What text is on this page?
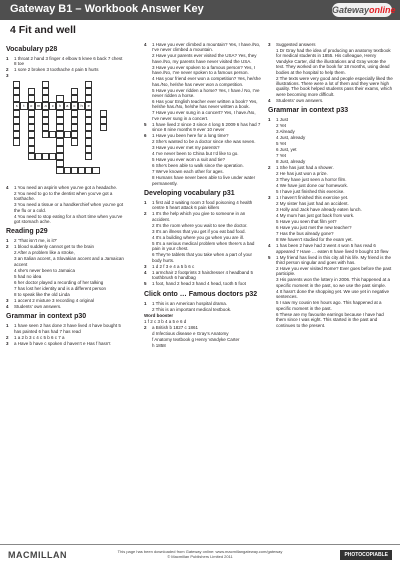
Gateway B1 – Workbook Answer Key	Gatewayonline
4 Fit and well
Vocabulary p28
1	1 throat 2 hand 3 finger 4 elbow 5 knee 6 back 7 chest 8 toe
2	1 sore 2 broken 3 toothache 4 pain 5 hurts
3
s	t	o	m	a	c	h	a	c	h	e
4	1 You need an aspirin when you’ve got a headache.
2 You need to go to the dentist when you’ve got a toothache.
3 You need a tissue or a handkerchief when you’ve got the flu or a cold.
4 You need to stop eating for a short time when you’ve got stomach ache.
Reading p29
1	2 ‘That isn’t me, is it?’
2	1 blood suddenly cannot get to the brain
2 After a problem like a stroke,
3 an Italian accent, a Slovakian accent and a Jamaican accent
4 she’s never been to Jamaica
5 had no idea
6 her doctor played a recording of her talking
7 has lost her identity and is a different person
8 to speak like the old Linda
3	1 accent 2 mixture 3 recording 4 original
4	Students’ own answers.
Grammar in context p30
1	1 have seen 2 has done 3 have lived 4 have bought 5 has painted 6 has had 7 has read
2	1 a 2 b 3 c 4 c 5 b 6 c 7 a
3	a Have b have c spoken d haven’t e Has f hasn’t
4	1 Have you ever climbed a mountain? Yes, I have./No, I’ve never climbed a mountain.
2 Have your parents ever visited the USA? Yes, they have./No, my parents have never visited the USA.
3 Have you ever spoken to a famous person? Yes, I have./No, I’ve never spoken to a famous person.
4 Has your friend ever won a competition? Yes, he/she has./No, he/she has never won a competition.
5 Have you ever ridden a horse? Yes, I have./ No, I’ve never ridden a horse.
6 Has your English teacher ever written a book? Yes, he/she has./No, he/she has never written a book.
7 Have you ever sung in a concert? Yes, I have./No, I’ve never sung in a concert.
5	1 have lived 2 since 3 since 4 long 5 2009 6 has had 7 since 8 nine months 9 ever 10 never
6	1 Have you been here for a long time?
2 She’s wanted to be a doctor since she was seven.
3 Have you ever met my parents?
4 I’ve never been to China but I’d like to go.
5 Have you ever worn a suit and tie?
6 She’s been able to walk since the operation.
7 We’ve known each other for ages.
8 Humans have never been able to live under water permanently.
Developing vocabulary p31
1	1 first aid 2 waiting room 3 food poisoning 4 health centre 5 heart attack 6 pain killers
2	1 It’s the help which you give to someone in an accident.
2 It’s the room where you wait to see the doctor.
3 It’s an illness that you get if you eat bad food.
4 It’s a building where you go when you are ill.
5 It’s a serious medical problem when there’s a bad pain in your chest.
6 They’re tablets that you take when a part of your body hurts.
3	1 d 2 f 3 e 4 a 5 b 6 c
4	1 armchair 2 footprints 3 hairdresser 4 headband 5 toothbrush 6 handbag
5	1 foot, hand 2 head 3 hand 4 head, tooth 5 foot
Click onto … Famous doctors p32
1	1 This is an American hospital drama.
2 This is an important medical textbook.
Word booster
1 f 2 c 3 b 4 a 5 e 6 d
2	a British b 1827 c 1861
d Infectious disease e Gray’s Anatomy
f Anatomy textbook g Henry Vandyke Carter
h 1858
3	Suggested answers
1 Dr Gray had the idea of producing an anatomy textbook for medical students in 1855. His colleague, Henry Vandyke Carter, did the illustrations and Gray wrote the text. They worked on the book for 18 months, using dead bodies at the hospital to help them.
2 The texts were very good and people especially liked the illustrations. There were a lot of them and they were high quality. The book helped students pass their exams, which were becoming more difficult.
4	Students’ own answers.
Grammar in context p33
1	1 Just
2 Yet
3 Already
4 Just, already
5 Yet
6 Just, yet
7 Yet
8 Just, already
2	1 She has just had a shower.
2 He has just won a prize.
3 They have just seen a horror film.
4 We have just done our homework.
5 I have just finished this exercise.
3	1 I haven’t finished this exercise yet.
2 My sister has just had an accident.
3 Holly and Jack have already eaten lunch.
4 My mum has just got back from work.
5 Have you seen that film yet?
6 Have you just met the new teacher?
7 Has the bus already gone?
8 We haven’t studied for the exam yet.
4	1 has been 2 have had 3 went 4 won 5 has read 6 appeared 7 Have … eaten 8 have lived 9 bought 10 flew
5	1 My friend has lived in this city all his life. My friend is the third person singular and goes with has.
2 Have you ever visited Rome? Ever goes before the past participle.
3 His parents won the lottery in 2006. This happened at a specific moment in the past, so we use the past simple.
4 It hasn’t done the shopping yet. We use yet in negative sentences.
5 I saw my cousin ten hours ago. This happened at a specific moment in the past.
6 These are my favourite earrings because I have had them since I was eight. This started in the past and continues to the present.
MACMILLAN	This page has been downloaded from Gateway online: www.macmillangateway.com/gateway
© Macmillan Publishers Limited 2011	PHOTOCOPIABLE
